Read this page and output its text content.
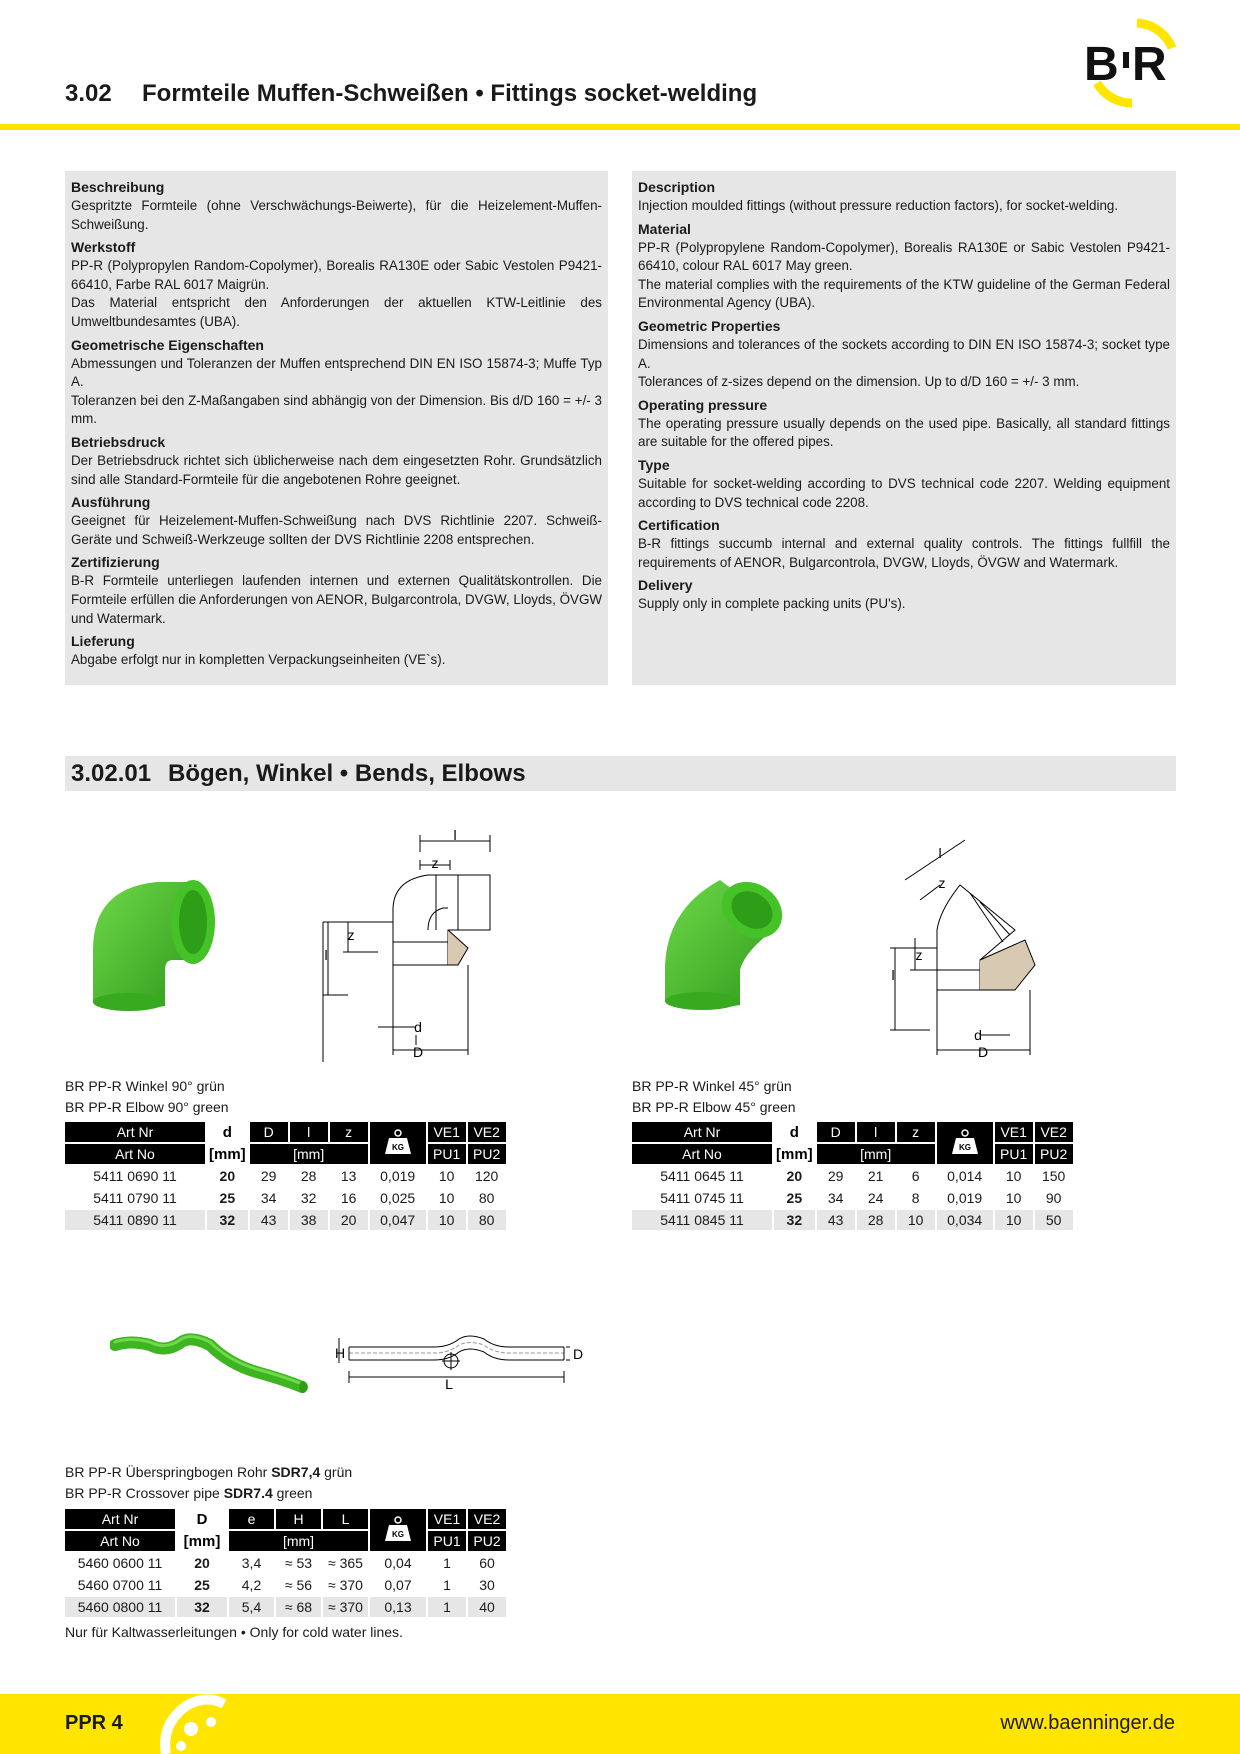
3.02 Formteile Muffen-Schweißen • Fittings socket-welding
B R
Beschreibung

Gespritzte Formteile (ohne Verschwächungs-Beiwerte), für die Heizelement-Muffen-Schweißung.

Werkstoff

PP-R (Polypropylen Random-Copolymer), Borealis RA130E oder Sabic Vestolen P9421-66410, Farbe RAL 6017 Maigrün.

Das Material entspricht den Anforderungen der aktuellen KTW-Leitlinie des Umweltbundesamtes (UBA).

Geometrische Eigenschaften

Abmessungen und Toleranzen der Muffen entsprechend DIN EN ISO 15874-3; Muffe Typ A.

Toleranzen bei den Z-Maßangaben sind abhängig von der Dimension. Bis d/D 160 = +/- 3 mm.

Betriebsdruck

Der Betriebsdruck richtet sich üblicherweise nach dem eingesetzten Rohr. Grundsätzlich sind alle Standard-Formteile für die angebotenen Rohre geeignet.

Ausführung

Geeignet für Heizelement-Muffen-Schweißung nach DVS Richtlinie 2207. Schweiß-Geräte und Schweiß-Werkzeuge sollten der DVS Richtlinie 2208 entsprechen.

Zertifizierung

B-R Formteile unterliegen laufenden internen und externen Qualitätskontrollen. Die Formteile erfüllen die Anforderungen von AENOR, Bulgarcontrola, DVGW, Lloyds, ÖVGW und Watermark.

Lieferung

Abgabe erfolgt nur in kompletten Verpackungseinheiten (VE`s).

Description

Injection moulded fittings (without pressure reduction factors), for socket-welding.

Material

PP-R (Polypropylene Random-Copolymer), Borealis RA130E or Sabic Vestolen P9421-66410, colour RAL 6017 May green.

The material complies with the requirements of the KTW guideline of the German Federal Environmental Agency (UBA).

Geometric Properties

Dimensions and tolerances of the sockets according to DIN EN ISO 15874-3; socket type A.

Tolerances of z-sizes depend on the dimension. Up to d/D 160 = +/- 3 mm.

Operating pressure

The operating pressure usually depends on the used pipe. Basically, all standard fittings are suitable for the offered pipes.

Type

Suitable for socket-welding according to DVS technical code 2207. Welding equipment according to DVS technical code 2208.

Certification

B-R fittings succumb internal and external quality controls. The fittings fullfill the requirements of AENOR, Bulgarcontrola, DVGW, Lloyds, ÖVGW and Watermark.

Delivery

Supply only in complete packing units (PU's).

3.02.01 Bögen, Winkel • Bends, Elbows
l
z
z
l
d
D
l
z
z
l
d
D
BR PP-R Winkel 90° grün
BR PP-R Elbow 90° green
Art Nr	d	D	l	z	KG	VE1	VE2
Art No	[mm]	[mm]				PU1	PU2
5411 0690 11	20	29	28	13	0,019	10	120
5411 0790 11	25	34	32	16	0,025	10	80
5411 0890 11	32	43	38	20	0,047	10	80
BR PP-R Winkel 45° grün
BR PP-R Elbow 45° green
Art Nr	d	D	l	z	KG	VE1	VE2
Art No	[mm]	[mm]				PU1	PU2
5411 0645 11	20	29	21	6	0,014	10	150
5411 0745 11	25	34	24	8	0,019	10	90
5411 0845 11	32	43	28	10	0,034	10	50
H	D
L
BR PP-R Überspringbogen Rohr SDR7,4 grün
BR PP-R Crossover pipe SDR7.4 green
Art Nr	D	e	H	L	KG	VE1	VE2
Art No	[mm]	[mm]				PU1	PU2
5460 0600 11	20	3,4	≈ 53	≈ 365	0,04	1	60
5460 0700 11	25	4,2	≈ 56	≈ 370	0,07	1	30
5460 0800 11	32	5,4	≈ 68	≈ 370	0,13	1	40
Nur für Kaltwasserleitungen • Only for cold water lines.
PPR 4	www.baenninger.de
